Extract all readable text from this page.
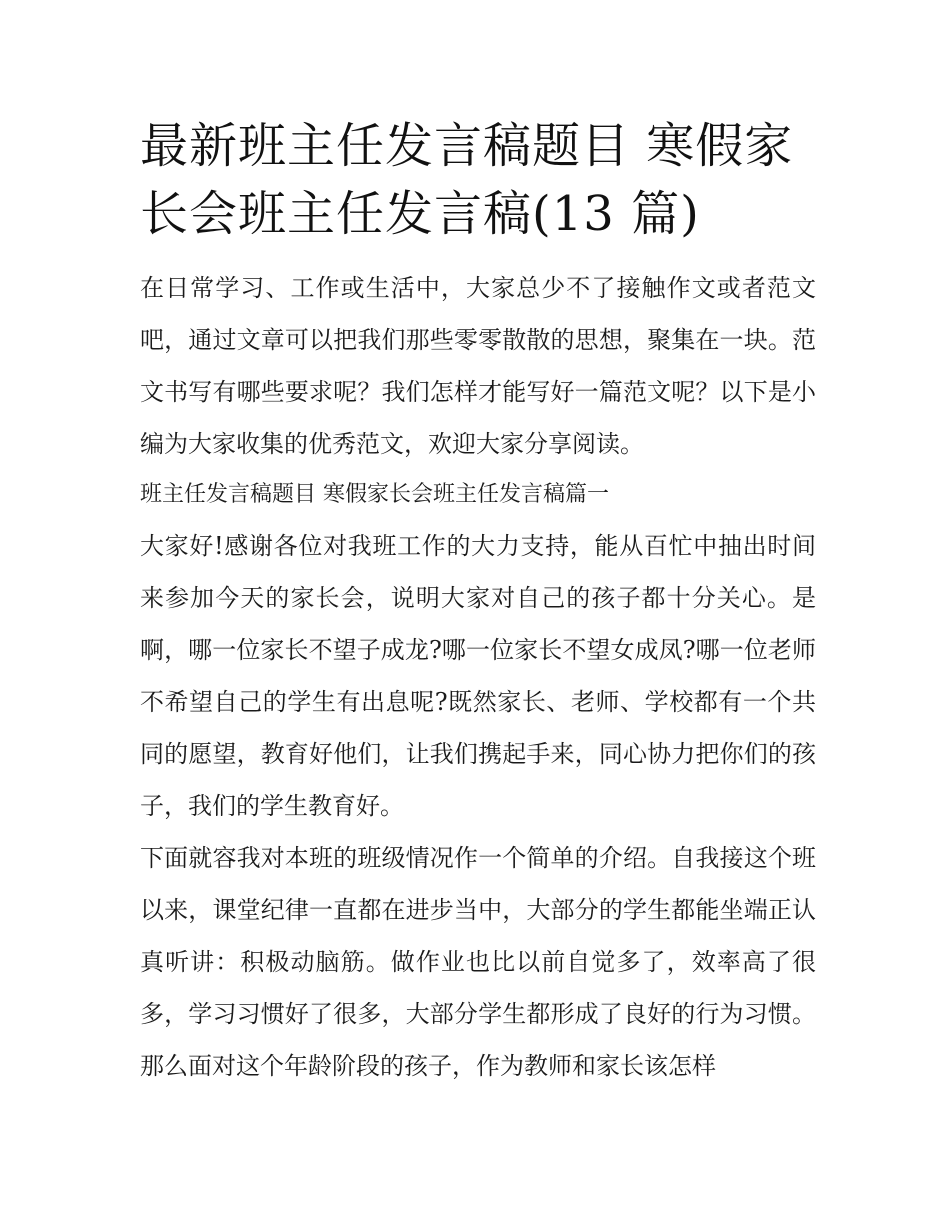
最新班主任发言稿题目 寒假家长会班主任发言稿(13 篇)

在日常学习、工作或生活中，大家总少不了接触作文或者范文吧，通过文章可以把我们那些零零散散的思想，聚集在一块。范文书写有哪些要求呢？我们怎样才能写好一篇范文呢？以下是小编为大家收集的优秀范文，欢迎大家分享阅读。

班主任发言稿题目 寒假家长会班主任发言稿篇一

大家好!感谢各位对我班工作的大力支持，能从百忙中抽出时间来参加今天的家长会，说明大家对自己的孩子都十分关心。是啊，哪一位家长不望子成龙?哪一位家长不望女成凤?哪一位老师不希望自己的学生有出息呢?既然家长、老师、学校都有一个共同的愿望，教育好他们，让我们携起手来，同心协力把你们的孩子，我们的学生教育好。

下面就容我对本班的班级情况作一个简单的介绍。自我接这个班以来，课堂纪律一直都在进步当中，大部分的学生都能坐端正认真听讲：积极动脑筋。做作业也比以前自觉多了，效率高了很多，学习习惯好了很多，大部分学生都形成了良好的行为习惯。那么面对这个年龄阶段的孩子，作为教师和家长该怎样
